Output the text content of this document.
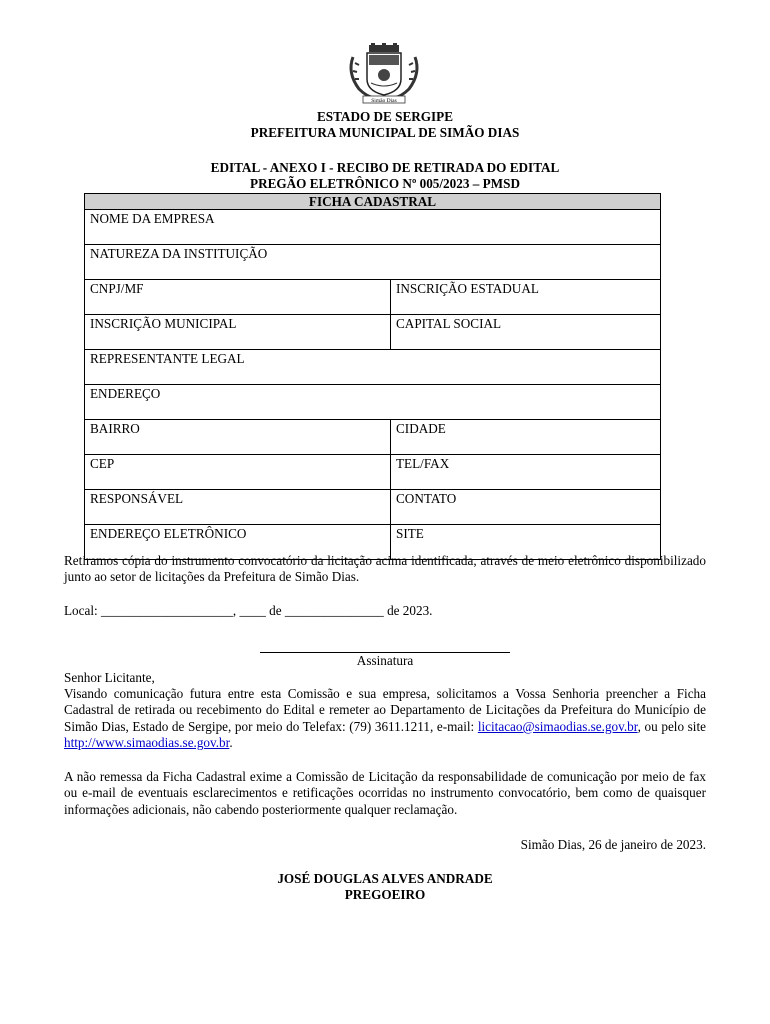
Simão Dias
ESTADO DE SERGIPE
PREFEITURA MUNICIPAL DE SIMÃO DIAS
EDITAL - ANEXO I - RECIBO DE RETIRADA DO EDITAL
PREGÃO ELETRÔNICO Nº 005/2023 – PMSD
FICHA CADASTRAL	
NOME DA EMPRESA	
NATUREZA DA INSTITUIÇÃO	
CNPJ/MF	INSCRIÇÃO ESTADUAL
INSCRIÇÃO MUNICIPAL	CAPITAL SOCIAL
REPRESENTANTE LEGAL	
ENDEREÇO	
BAIRRO	CIDADE
CEP	TEL/FAX
RESPONSÁVEL	CONTATO
ENDEREÇO ELETRÔNICO	SITE
Retiramos cópia do instrumento convocatório da licitação acima identificada, através de meio eletrônico disponibilizado junto ao setor de licitações da Prefeitura de Simão Dias.
Local: ____________________, ____ de _______________ de 2023.
Assinatura
Senhor Licitante,
Visando comunicação futura entre esta Comissão e sua empresa, solicitamos a Vossa Senhoria preencher a Ficha Cadastral de retirada ou recebimento do Edital e remeter ao Departamento de Licitações da Prefeitura do Município de Simão Dias, Estado de Sergipe, por meio do Telefax: (79) 3611.1211, e-mail: licitacao@simaodias.se.gov.br, ou pelo site http://www.simaodias.se.gov.br.
A não remessa da Ficha Cadastral exime a Comissão de Licitação da responsabilidade de comunicação por meio de fax ou e-mail de eventuais esclarecimentos e retificações ocorridas no instrumento convocatório, bem como de quaisquer informações adicionais, não cabendo posteriormente qualquer reclamação.
Simão Dias, 26 de janeiro de 2023.
JOSÉ DOUGLAS ALVES ANDRADE
PREGOEIRO
